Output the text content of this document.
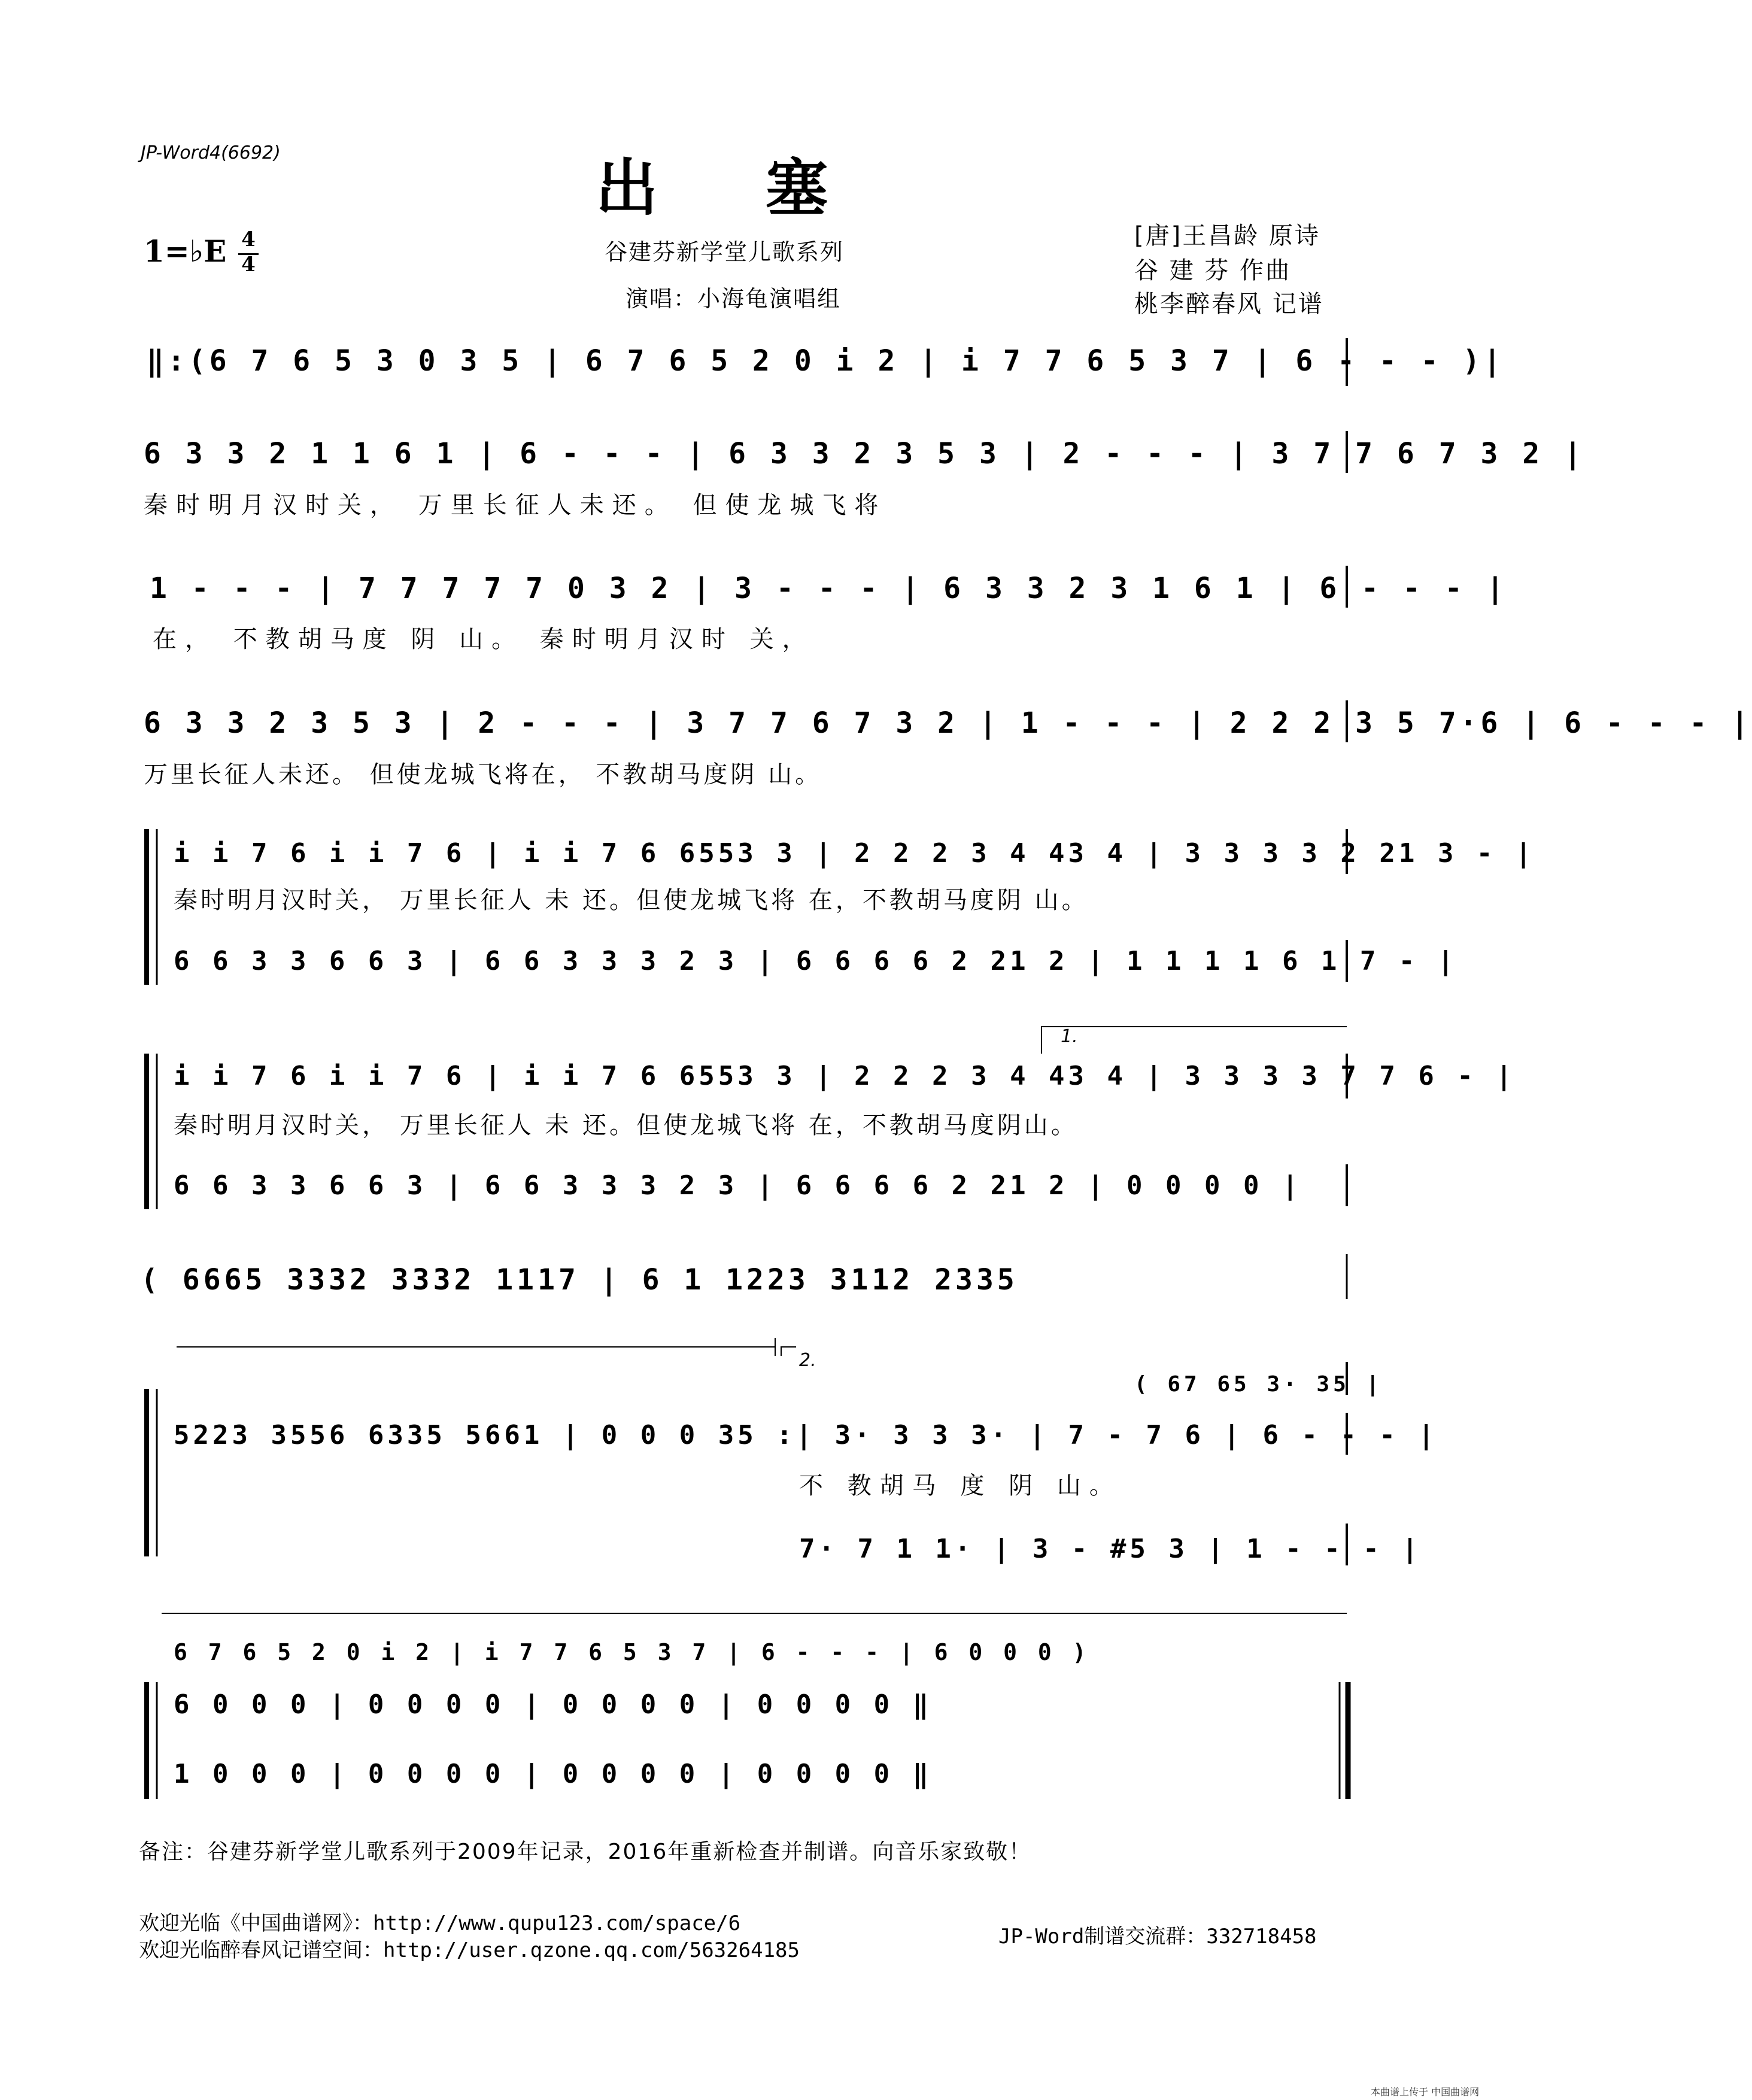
JP-Word4(6692)	出塞
1=♭E 4
4	谷建芬新学堂儿歌系列
演唱：小海龟演唱组
[唐]王昌龄 原诗
谷 建 芬 作曲
桃李醉春风 记谱
‖:(6 7 6 5 3 0 3 5 | 6 7 6 5 2 0 i 2 | i 7 7 6 5 3 7 | 6 - - - )|
6 3 3 2 1 1 6 1 | 6 - - - | 6 3 3 2 3 5 3 | 2 - - - | 3 7 7 6 7 3 2 |
秦时明月汉时关， 万里长征人未还。 但使龙城飞将
1 - - - | 7 7 7 7 7 0 3 2 | 3 - - - | 6 3 3 2 3 1 6 1 | 6 - - - |
在， 不教胡马度 阴 山。 秦时明月汉时 关，
6 3 3 2 3 5 3 | 2 - - - | 3 7 7 6 7 3 2 | 1 - - - | 2 2 2 3 5 7·6 | 6 - - - |
万里长征人未还。 但使龙城飞将在， 不教胡马度阴 山。
i i 7 6 i i 7 6 | i i 7 6 6553 3 | 2 2 2 3 4 43 4 | 3 3 3 3 2 21 3 - |
秦时明月汉时关， 万里长征人 未 还。但使龙城飞将 在，不教胡马度阴 山。
6 6 3 3 6 6 3 | 6 6 3 3 3 2 3 | 6 6 6 6 2 21 2 | 1 1 1 1 6 1 7 - |
1.
i i 7 6 i i 7 6 | i i 7 6 6553 3 | 2 2 2 3 4 43 4 | 3 3 3 3 7 7 6 - |
秦时明月汉时关， 万里长征人 未 还。但使龙城飞将 在，不教胡马度阴山。
6 6 3 3 6 6 3 | 6 6 3 3 3 2 3 | 6 6 6 6 2 21 2 | 0 0 0 0 |
( 6665 3332 3332 1117 | 6 1 1223 3112 2335
2.
( 67 65 3· 35 |
5223 3556 6335 5661 | 0 0 0 35 :| 3· 3 3 3· | 7 - 7 6 | 6 - - - |
不 教胡马 度 阴 山。
7· 7 1 1· | 3 - #5 3 | 1 - - - |
6 7 6 5 2 0 i 2 | i 7 7 6 5 3 7 | 6 - - - | 6 0 0 0 )
6 0 0 0 | 0 0 0 0 | 0 0 0 0 | 0 0 0 0 ‖
1 0 0 0 | 0 0 0 0 | 0 0 0 0 | 0 0 0 0 ‖
备注：谷建芬新学堂儿歌系列于2009年记录，2016年重新检查并制谱。向音乐家致敬！
欢迎光临《中国曲谱网》：http://www.qupu123.com/space/6
欢迎光临醉春风记谱空间：http://user.qzone.qq.com/563264185
JP-Word制谱交流群：332718458
本曲谱上传于 中国曲谱网
